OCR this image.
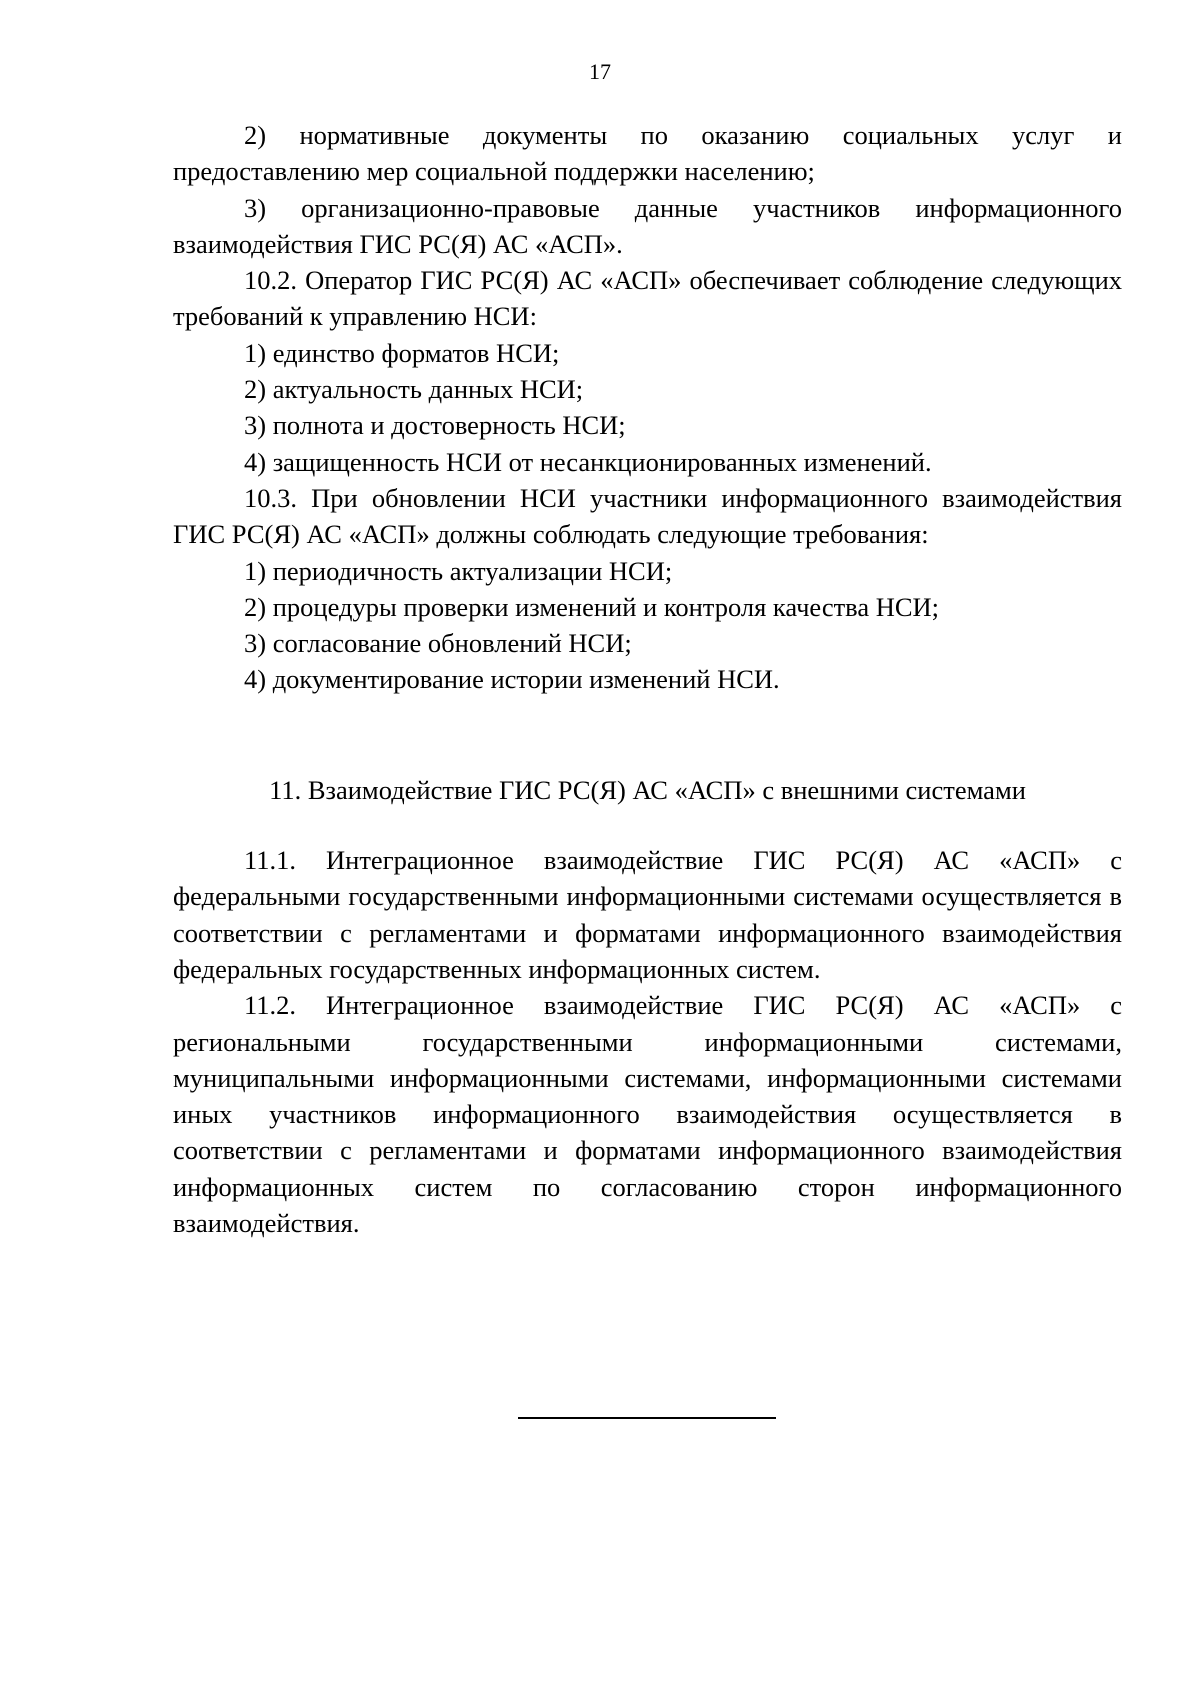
17

2) нормативные документы по оказанию социальных услуг и предоставлению мер социальной поддержки населению;

3) организационно-правовые данные участников информационного взаимодействия ГИС РС(Я) АС «АСП».

10.2. Оператор ГИС РС(Я) АС «АСП» обеспечивает соблюдение следующих требований к управлению НСИ:

1) единство форматов НСИ;

2) актуальность данных НСИ;

3) полнота и достоверность НСИ;

4) защищенность НСИ от несанкционированных изменений.

10.3. При обновлении НСИ участники информационного взаимодействия ГИС РС(Я) АС «АСП» должны соблюдать следующие требования:

1) периодичность актуализации НСИ;

2) процедуры проверки изменений и контроля качества НСИ;

3) согласование обновлений НСИ;

4) документирование истории изменений НСИ.

11. Взаимодействие ГИС РС(Я) АС «АСП» с внешними системами

11.1. Интеграционное взаимодействие ГИС РС(Я) АС «АСП» с федеральными государственными информационными системами осуществляется в соответствии с регламентами и форматами информационного взаимодействия федеральных государственных информационных систем.

11.2. Интеграционное взаимодействие ГИС РС(Я) АС «АСП» с региональными государственными информационными системами, муниципальными информационными системами, информационными системами иных участников информационного взаимодействия осуществляется в соответствии с регламентами и форматами информационного взаимодействия информационных систем по согласованию сторон информационного взаимодействия.
